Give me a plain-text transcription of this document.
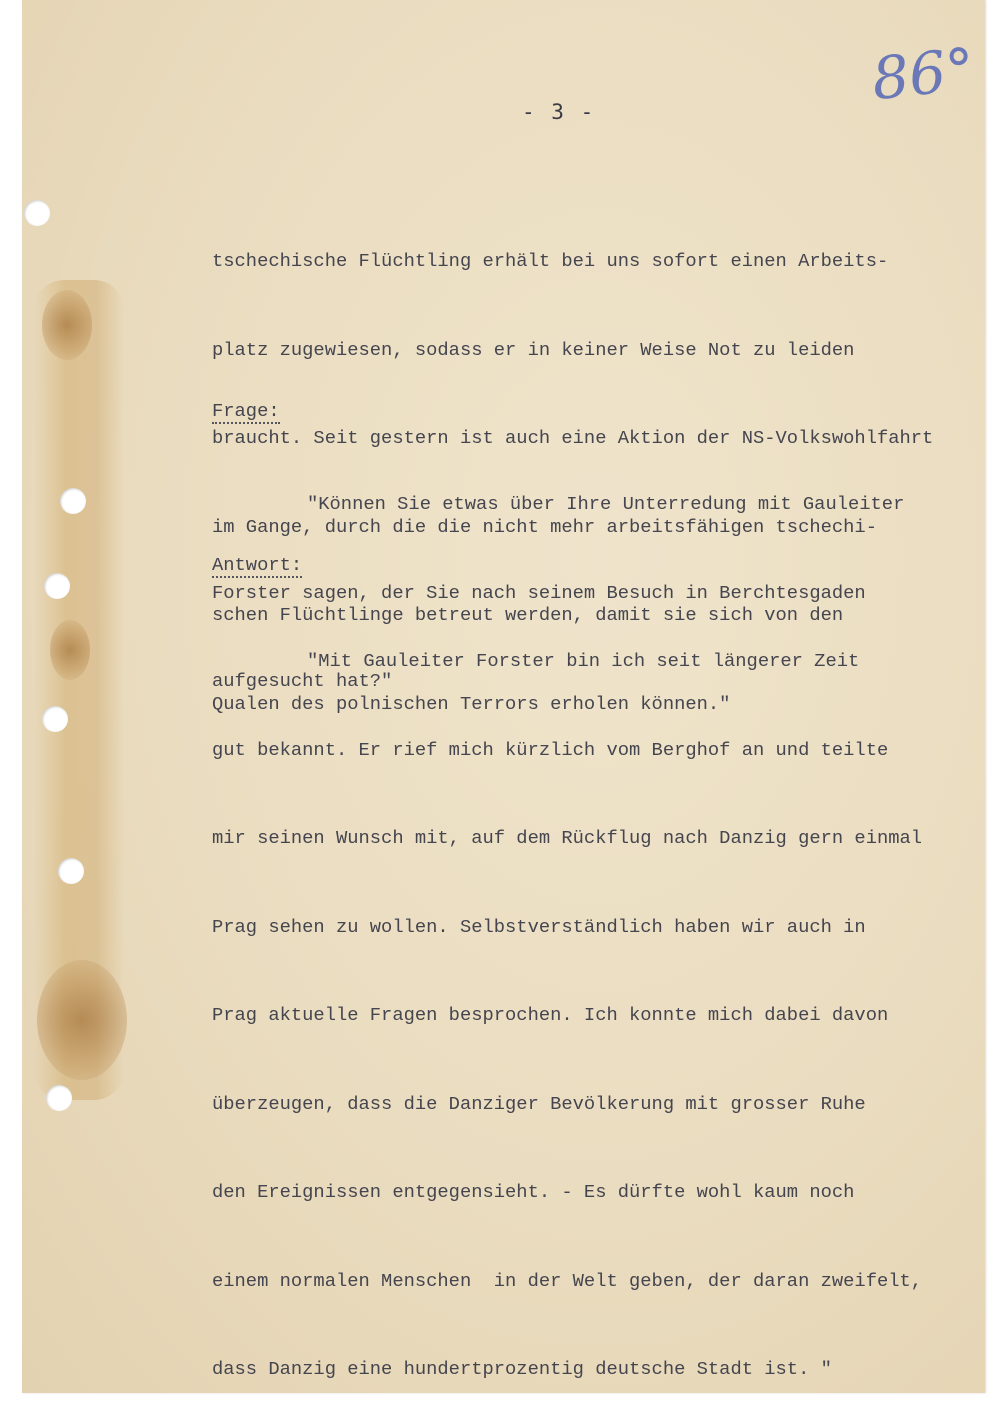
86°
- 3 -

tschechische Flüchtling erhält bei uns sofort einen Arbeits-

platz zugewiesen, sodass er in keiner Weise Not zu leiden

braucht. Seit gestern ist auch eine Aktion der NS-Volkswohlfahrt

im Gange, durch die die nicht mehr arbeitsfähigen tschechi-

schen Flüchtlinge betreut werden, damit sie sich von den

Qualen des polnischen Terrors erholen können."

Frage:

"Können Sie etwas über Ihre Unterredung mit Gauleiter

Forster sagen, der Sie nach seinem Besuch in Berchtesgaden

aufgesucht hat?"

Antwort:

"Mit Gauleiter Forster bin ich seit längerer Zeit

gut bekannt. Er rief mich kürzlich vom Berghof an und teilte

mir seinen Wunsch mit, auf dem Rückflug nach Danzig gern einmal

Prag sehen zu wollen. Selbstverständlich haben wir auch in

Prag aktuelle Fragen besprochen. Ich konnte mich dabei davon

überzeugen, dass die Danziger Bevölkerung mit grosser Ruhe

den Ereignissen entgegensieht. - Es dürfte wohl kaum noch

einem normalen Menschen  in der Welt geben, der daran zweifelt,

dass Danzig eine hundertprozentig deutsche Stadt ist. "
